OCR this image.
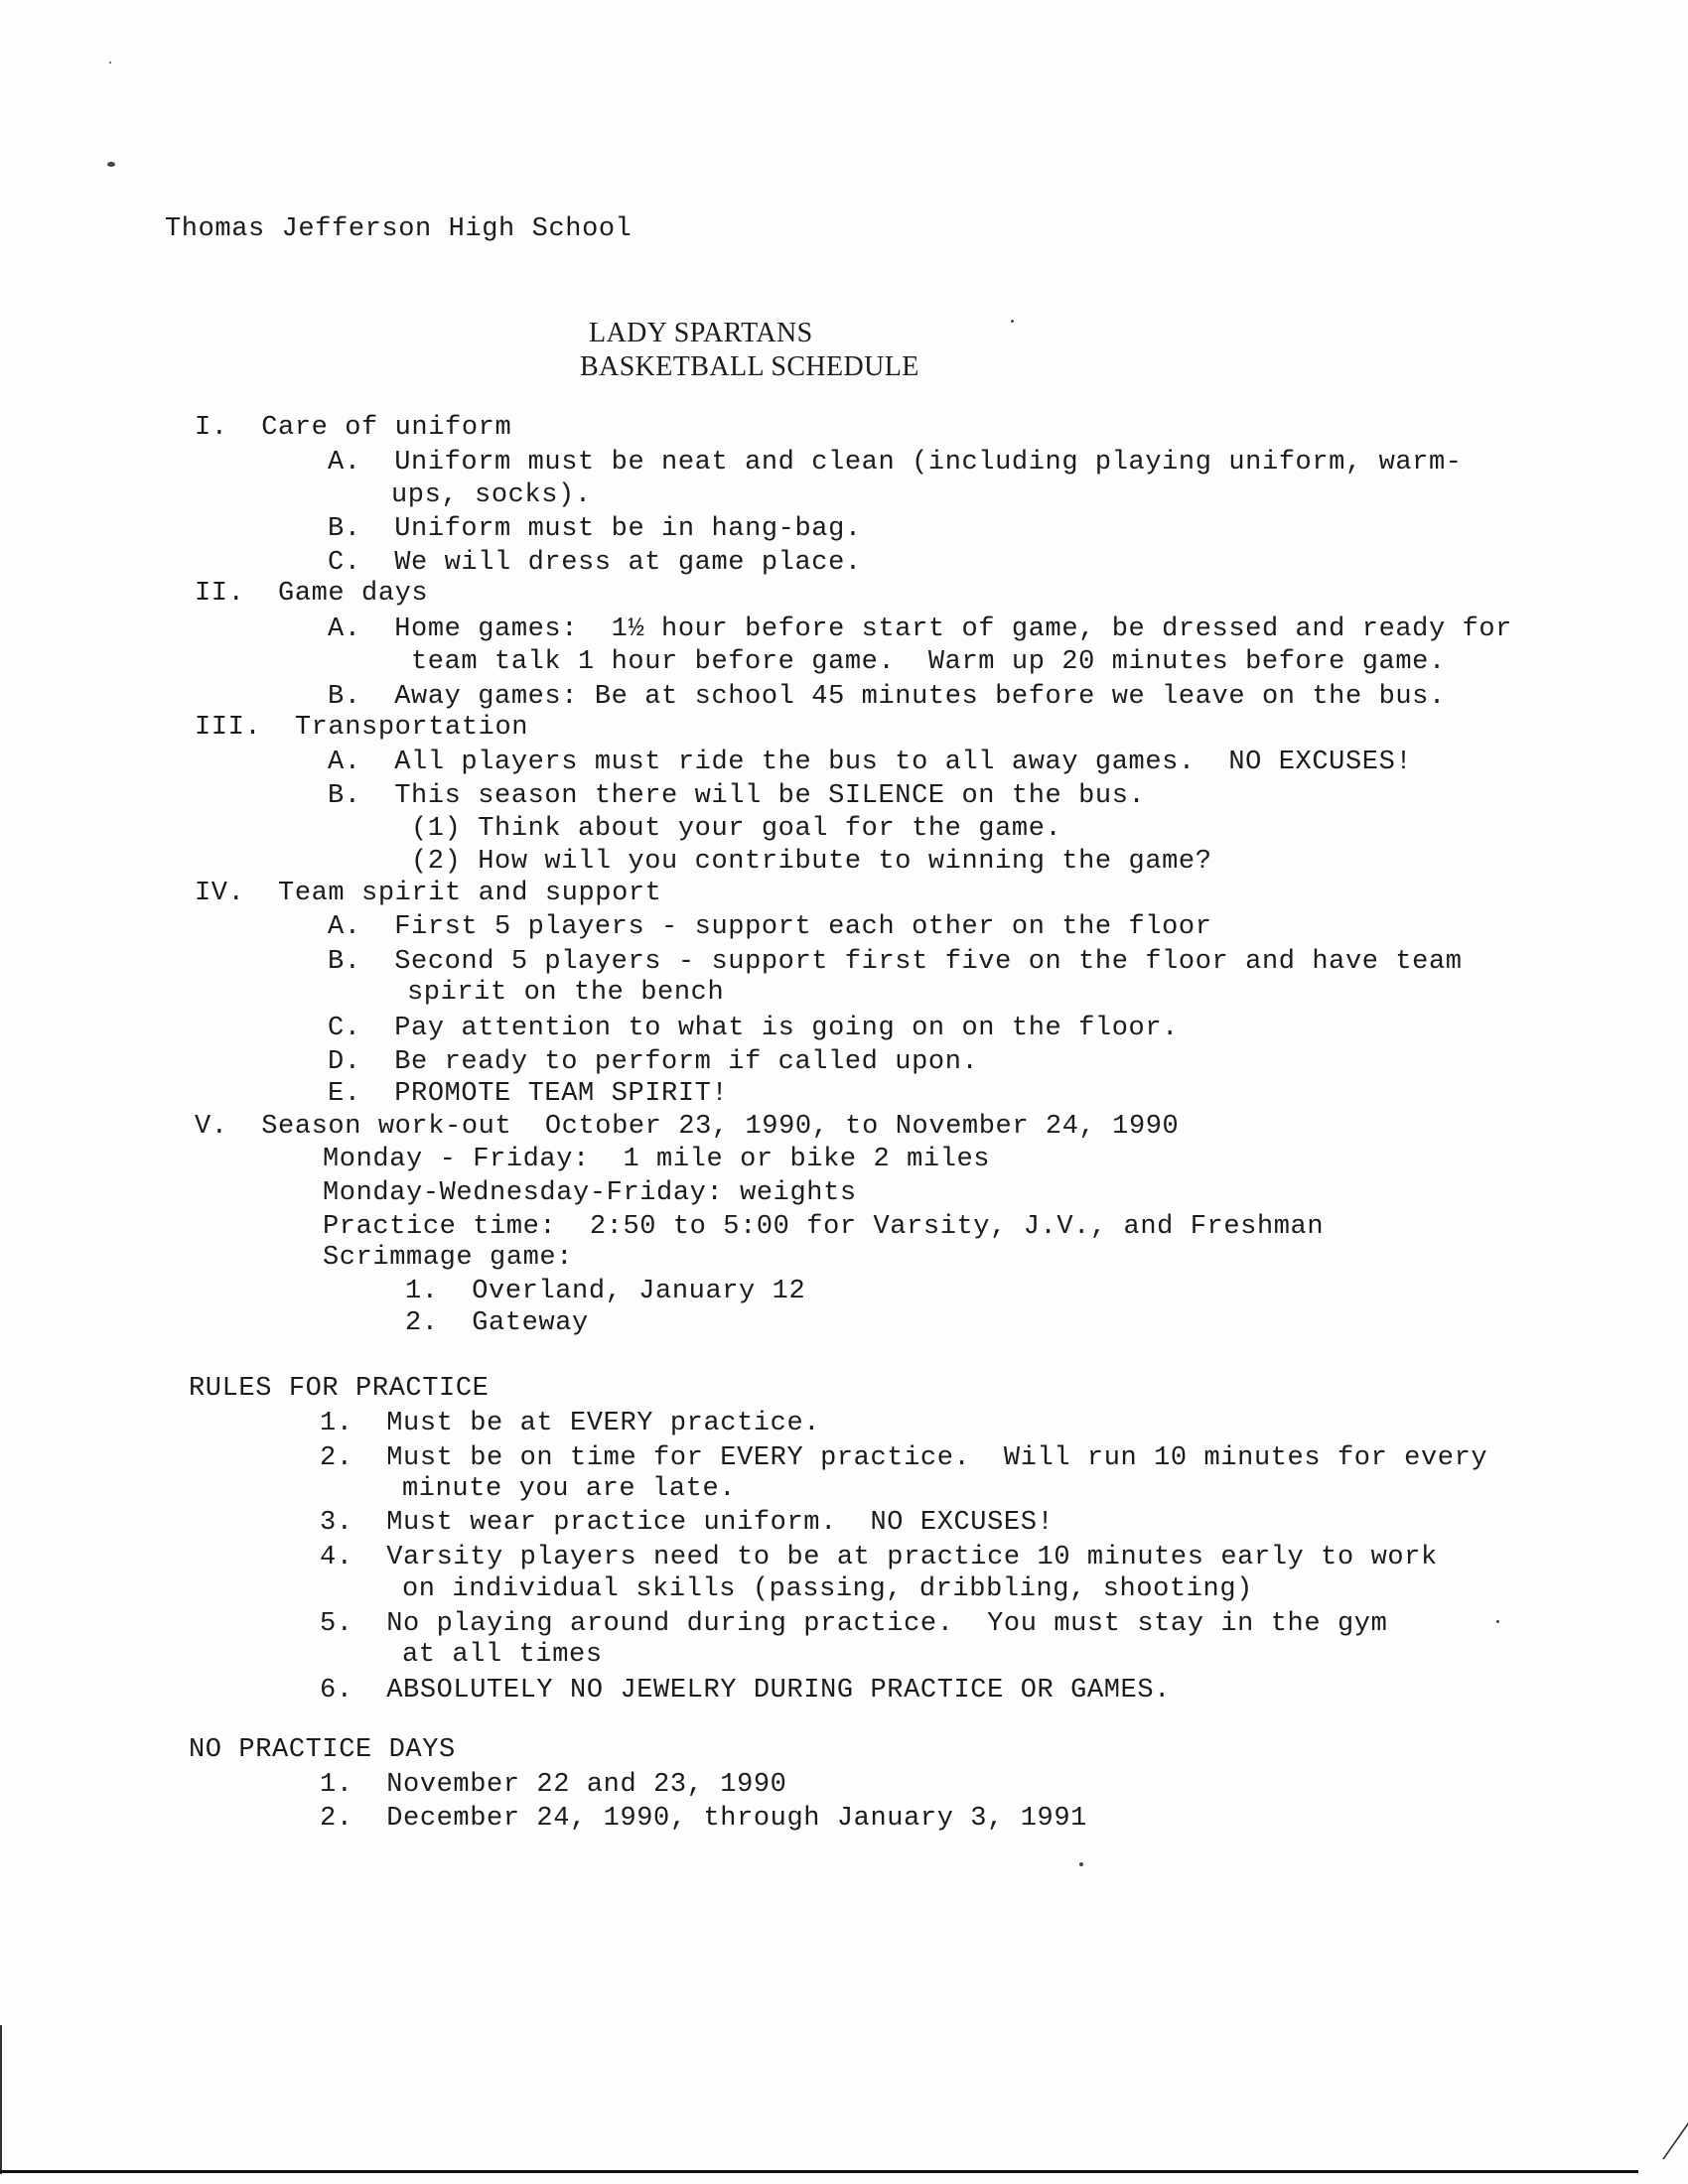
Thomas Jefferson High School
LADY SPARTANS
BASKETBALL SCHEDULE
I.  Care of uniform
A.  Uniform must be neat and clean (including playing uniform, warm-
ups, socks).
B.  Uniform must be in hang-bag.
C.  We will dress at game place.
II.  Game days
A.  Home games:  1½ hour before start of game, be dressed and ready for
team talk 1 hour before game.  Warm up 20 minutes before game.
B.  Away games: Be at school 45 minutes before we leave on the bus.
III.  Transportation
A.  All players must ride the bus to all away games.  NO EXCUSES!
B.  This season there will be SILENCE on the bus.
(1) Think about your goal for the game.
(2) How will you contribute to winning the game?
IV.  Team spirit and support
A.  First 5 players - support each other on the floor
B.  Second 5 players - support first five on the floor and have team
spirit on the bench
C.  Pay attention to what is going on on the floor.
D.  Be ready to perform if called upon.
E.  PROMOTE TEAM SPIRIT!
V.  Season work-out  October 23, 1990, to November 24, 1990
Monday - Friday:  1 mile or bike 2 miles
Monday-Wednesday-Friday: weights
Practice time:  2:50 to 5:00 for Varsity, J.V., and Freshman
Scrimmage game:
1.  Overland, January 12
2.  Gateway
RULES FOR PRACTICE
1.  Must be at EVERY practice.
2.  Must be on time for EVERY practice.  Will run 10 minutes for every
minute you are late.
3.  Must wear practice uniform.  NO EXCUSES!
4.  Varsity players need to be at practice 10 minutes early to work
on individual skills (passing, dribbling, shooting)
5.  No playing around during practice.  You must stay in the gym
at all times
6.  ABSOLUTELY NO JEWELRY DURING PRACTICE OR GAMES.
NO PRACTICE DAYS
1.  November 22 and 23, 1990
2.  December 24, 1990, through January 3, 1991
